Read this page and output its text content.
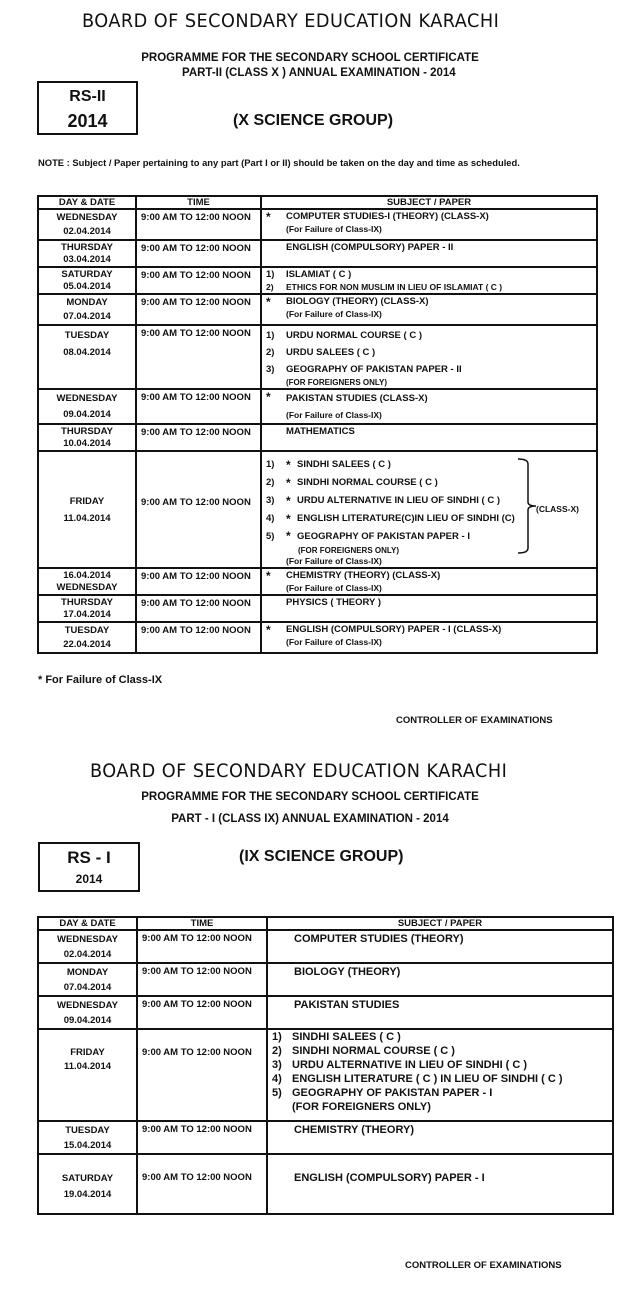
BOARD OF SECONDARY EDUCATION KARACHI
PROGRAMME FOR THE SECONDARY SCHOOL CERTIFICATE
PART-II (CLASS X ) ANNUAL EXAMINATION - 2014
RS-II
2014	(X SCIENCE GROUP)
NOTE : Subject / Paper pertaining to any part (Part I or II) should be taken on the day and time as scheduled.
DAY & DATE	TIME	SUBJECT / PAPER

WEDNESDAY
02.04.2014
	9:00 AM TO 12:00 NOON	*	COMPUTER STUDIES-I (THEORY) (CLASS-X)
(For Failure of Class-IX)

THURSDAY
03.04.2014	9:00 AM TO 12:00 NOON	ENGLISH (COMPULSORY) PAPER - II

SATURDAY
05.04.2014
	9:00 AM TO 12:00 NOON	1)	ISLAMIAT ( C )
2)	ETHICS FOR NON MUSLIM IN LIEU OF ISLAMIAT ( C )

MONDAY
07.04.2014
	9:00 AM TO 12:00 NOON	*	BIOLOGY (THEORY) (CLASS-X)
(For Failure of Class-IX)

TUESDAY
08.04.2014
	9:00 AM TO 12:00 NOON	1)	URDU NORMAL COURSE ( C )
2)	URDU SALEES ( C )
3)	GEOGRAPHY OF PAKISTAN PAPER - II
(FOR FOREIGNERS ONLY)

WEDNESDAY
09.04.2014
	9:00 AM TO 12:00 NOON	*	PAKISTAN STUDIES (CLASS-X)
(For Failure of Class-IX)

THURSDAY
10.04.2014	9:00 AM TO 12:00 NOON	MATHEMATICS

FRIDAY
11.04.2014
	9:00 AM TO 12:00 NOON	
1) * SINDHI SALEES ( C )
2) * SINDHI NORMAL COURSE ( C )
3) * URDU ALTERNATIVE IN LIEU OF SINDHI ( C )
4) * ENGLISH LITERATURE(C)IN LIEU OF SINDHI (C)
5) * GEOGRAPHY OF PAKISTAN PAPER - I
(FOR FOREIGNERS ONLY)
(For Failure of Class-IX)
(CLASS-X)

16.04.2014
WEDNESDAY
	9:00 AM TO 12:00 NOON	*	CHEMISTRY (THEORY) (CLASS-X)
(For Failure of Class-IX)

THURSDAY
17.04.2014	9:00 AM TO 12:00 NOON	PHYSICS ( THEORY )

TUESDAY
22.04.2014
	9:00 AM TO 12:00 NOON	*	ENGLISH (COMPULSORY) PAPER - I (CLASS-X)
(For Failure of Class-IX)
* For Failure of Class-IX
CONTROLLER OF EXAMINATIONS
BOARD OF SECONDARY EDUCATION KARACHI
PROGRAMME FOR THE SECONDARY SCHOOL CERTIFICATE
PART - I (CLASS IX) ANNUAL EXAMINATION - 2014
RS - I
2014
(IX SCIENCE GROUP)
DAY & DATE	TIME	SUBJECT / PAPER

WEDNESDAY
02.04.2014	9:00 AM TO 12:00 NOON	COMPUTER STUDIES (THEORY)

MONDAY
07.04.2014	9:00 AM TO 12:00 NOON	BIOLOGY (THEORY)

WEDNESDAY
09.04.2014	9:00 AM TO 12:00 NOON	PAKISTAN STUDIES

FRIDAY
11.04.2014
	9:00 AM TO 12:00 NOON	
1) SINDHI SALEES ( C )
2) SINDHI NORMAL COURSE ( C )
3) URDU ALTERNATIVE IN LIEU OF SINDHI ( C )
4) ENGLISH LITERATURE ( C ) IN LIEU OF SINDHI ( C )
5) GEOGRAPHY OF PAKISTAN PAPER - I
(FOR FOREIGNERS ONLY)

TUESDAY
15.04.2014	9:00 AM TO 12:00 NOON	CHEMISTRY (THEORY)

SATURDAY
19.04.2014	9:00 AM TO 12:00 NOON	ENGLISH (COMPULSORY) PAPER - I
CONTROLLER OF EXAMINATIONS
